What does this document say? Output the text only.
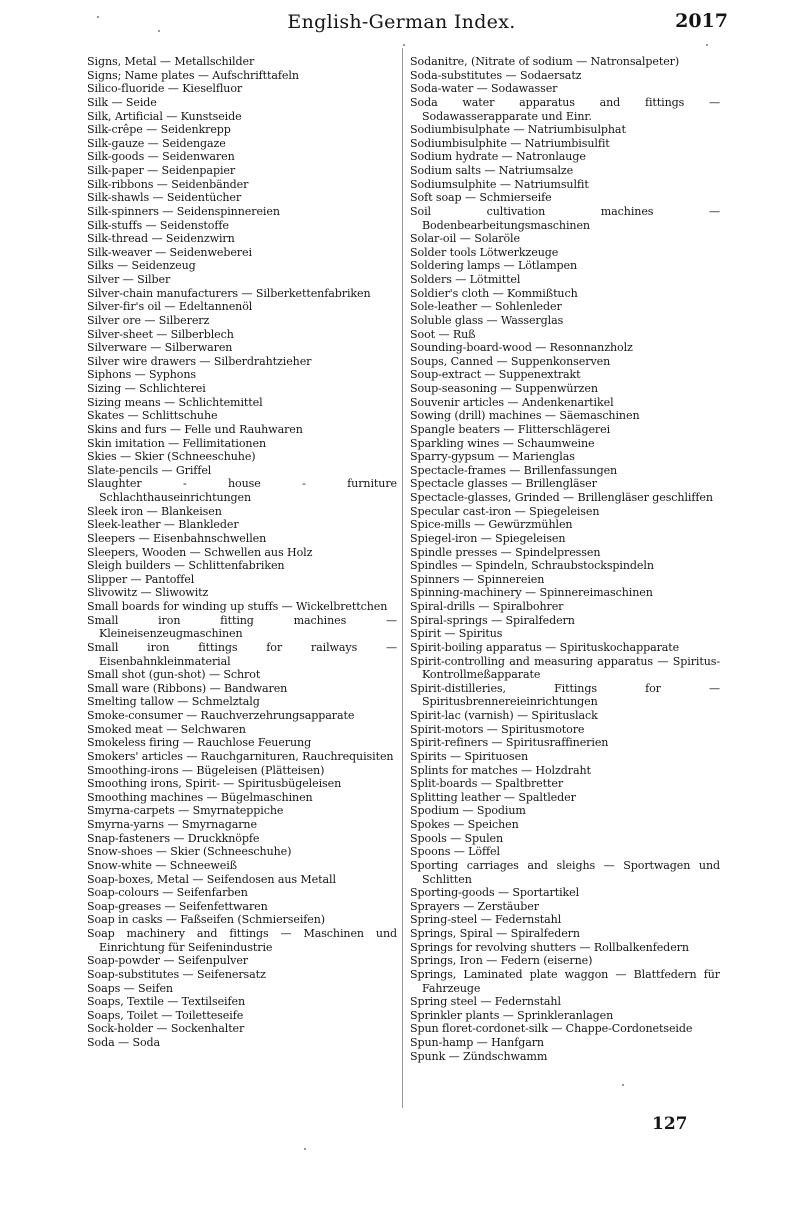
English-German Index.	2017
Signs, Metal — Metallschilder
Signs; Name plates — Aufschrifttafeln
Silico-fluoride — Kieselfluor
Silk — Seide
Silk, Artificial — Kunstseide
Silk-crêpe — Seidenkrepp
Silk-gauze — Seidengaze
Silk-goods — Seidenwaren
Silk-paper — Seidenpapier
Silk-ribbons — Seidenbänder
Silk-shawls — Seidentücher
Silk-spinners — Seidenspinnereien
Silk-stuffs — Seidenstoffe
Silk-thread — Seidenzwirn
Silk-weaver — Seidenweberei
Silks — Seidenzeug
Silver — Silber
Silver-chain manufacturers — Silberkettenfabriken
Silver-fir's oil — Edeltannenöl
Silver ore — Silbererz
Silver-sheet — Silberblech
Silverware — Silberwaren
Silver wire drawers — Silberdrahtzieher
Siphons — Syphons
Sizing — Schlichterei
Sizing means — Schlichtemittel
Skates — Schlittschuhe
Skins and furs — Felle und Rauhwaren
Skin imitation — Fellimitationen
Skies — Skier (Schneeschuhe)
Slate-pencils — Griffel
Slaughter - house - furniture Schlachthauseinrichtungen
Sleek iron — Blankeisen
Sleek-leather — Blankleder
Sleepers — Eisenbahnschwellen
Sleepers, Wooden — Schwellen aus Holz
Sleigh builders — Schlittenfabriken
Slipper — Pantoffel
Slivowitz — Sliwowitz
Small boards for winding up stuffs — Wickelbrettchen
Small iron fitting machines — Kleineisenzeugmaschinen
Small iron fittings for railways — Eisenbahnkleinmaterial
Small shot (gun-shot) — Schrot
Small ware (Ribbons) — Bandwaren
Smelting tallow — Schmelztalg
Smoke-consumer — Rauchverzehrungsapparate
Smoked meat — Selchwaren
Smokeless firing — Rauchlose Feuerung
Smokers' articles — Rauchgarnituren, Rauchrequisiten
Smoothing-irons — Bügeleisen (Plätteisen)
Smoothing irons, Spirit- — Spiritusbügeleisen
Smoothing machines — Bügelmaschinen
Smyrna-carpets — Smyrnateppiche
Smyrna-yarns — Smyrnagarne
Snap-fasteners — Druckknöpfe
Snow-shoes — Skier (Schneeschuhe)
Snow-white — Schneeweiß
Soap-boxes, Metal — Seifendosen aus Metall
Soap-colours — Seifenfarben
Soap-greases — Seifenfettwaren
Soap in casks — Faßseifen (Schmierseifen)
Soap machinery and fittings — Maschinen und Einrichtung für Seifenindustrie
Soap-powder — Seifenpulver
Soap-substitutes — Seifenersatz
Soaps — Seifen
Soaps, Textile — Textilseifen
Soaps, Toilet — Toiletteseife
Sock-holder — Sockenhalter
Soda — Soda
Sodanitre, (Nitrate of sodium — Natronsalpeter)
Soda-substitutes — Sodaersatz
Soda-water — Sodawasser
Soda water apparatus and fittings — Sodawasserapparate und Einr.
Sodiumbisulphate — Natriumbisulphat
Sodiumbisulphite — Natriumbisulfit
Sodium hydrate — Natronlauge
Sodium salts — Natriumsalze
Sodiumsulphite — Natriumsulfit
Soft soap — Schmierseife
Soil cultivation machines — Bodenbearbeitungsmaschinen
Solar-oil — Solaröle
Solder tools Lötwerkzeuge
Soldering lamps — Lötlampen
Solders — Lötmittel
Soldier's cloth — Kommißtuch
Sole-leather — Sohlenleder
Soluble glass — Wasserglas
Soot — Ruß
Sounding-board-wood — Resonnanzholz
Soups, Canned — Suppenkonserven
Soup-extract — Suppenextrakt
Soup-seasoning — Suppenwürzen
Souvenir articles — Andenkenartikel
Sowing (drill) machines — Säemaschinen
Spangle beaters — Flitterschlägerei
Sparkling wines — Schaumweine
Sparry-gypsum — Marienglas
Spectacle-frames — Brillenfassungen
Spectacle glasses — Brillengläser
Spectacle-glasses, Grinded — Brillengläser geschliffen
Specular cast-iron — Spiegeleisen
Spice-mills — Gewürzmühlen
Spiegel-iron — Spiegeleisen
Spindle presses — Spindelpressen
Spindles — Spindeln, Schraubstockspindeln
Spinners — Spinnereien
Spinning-machinery — Spinnereimaschinen
Spiral-drills — Spiralbohrer
Spiral-springs — Spiralfedern
Spirit — Spiritus
Spirit-boiling apparatus — Spirituskochapparate
Spirit-controlling and measuring apparatus — Spiritus-Kontrollmeßapparate
Spirit-distilleries, Fittings for — Spiritusbrennereieinrichtungen
Spirit-lac (varnish) — Spirituslack
Spirit-motors — Spiritusmotore
Spirit-refiners — Spiritusraffinerien
Spirits — Spirituosen
Splints for matches — Holzdraht
Split-boards — Spaltbretter
Splitting leather — Spaltleder
Spodium — Spodium
Spokes — Speichen
Spools — Spulen
Spoons — Löffel
Sporting carriages and sleighs — Sportwagen und Schlitten
Sporting-goods — Sportartikel
Sprayers — Zerstäuber
Spring-steel — Federnstahl
Springs, Spiral — Spiralfedern
Springs for revolving shutters — Rollbalkenfedern
Springs, Iron — Federn (eiserne)
Springs, Laminated plate waggon — Blattfedern für Fahrzeuge
Spring steel — Federnstahl
Sprinkler plants — Sprinkleranlagen
Spun floret-cordonet-silk — Chappe-Cordonetseide
Spun-hamp — Hanfgarn
Spunk — Zündschwamm
127
